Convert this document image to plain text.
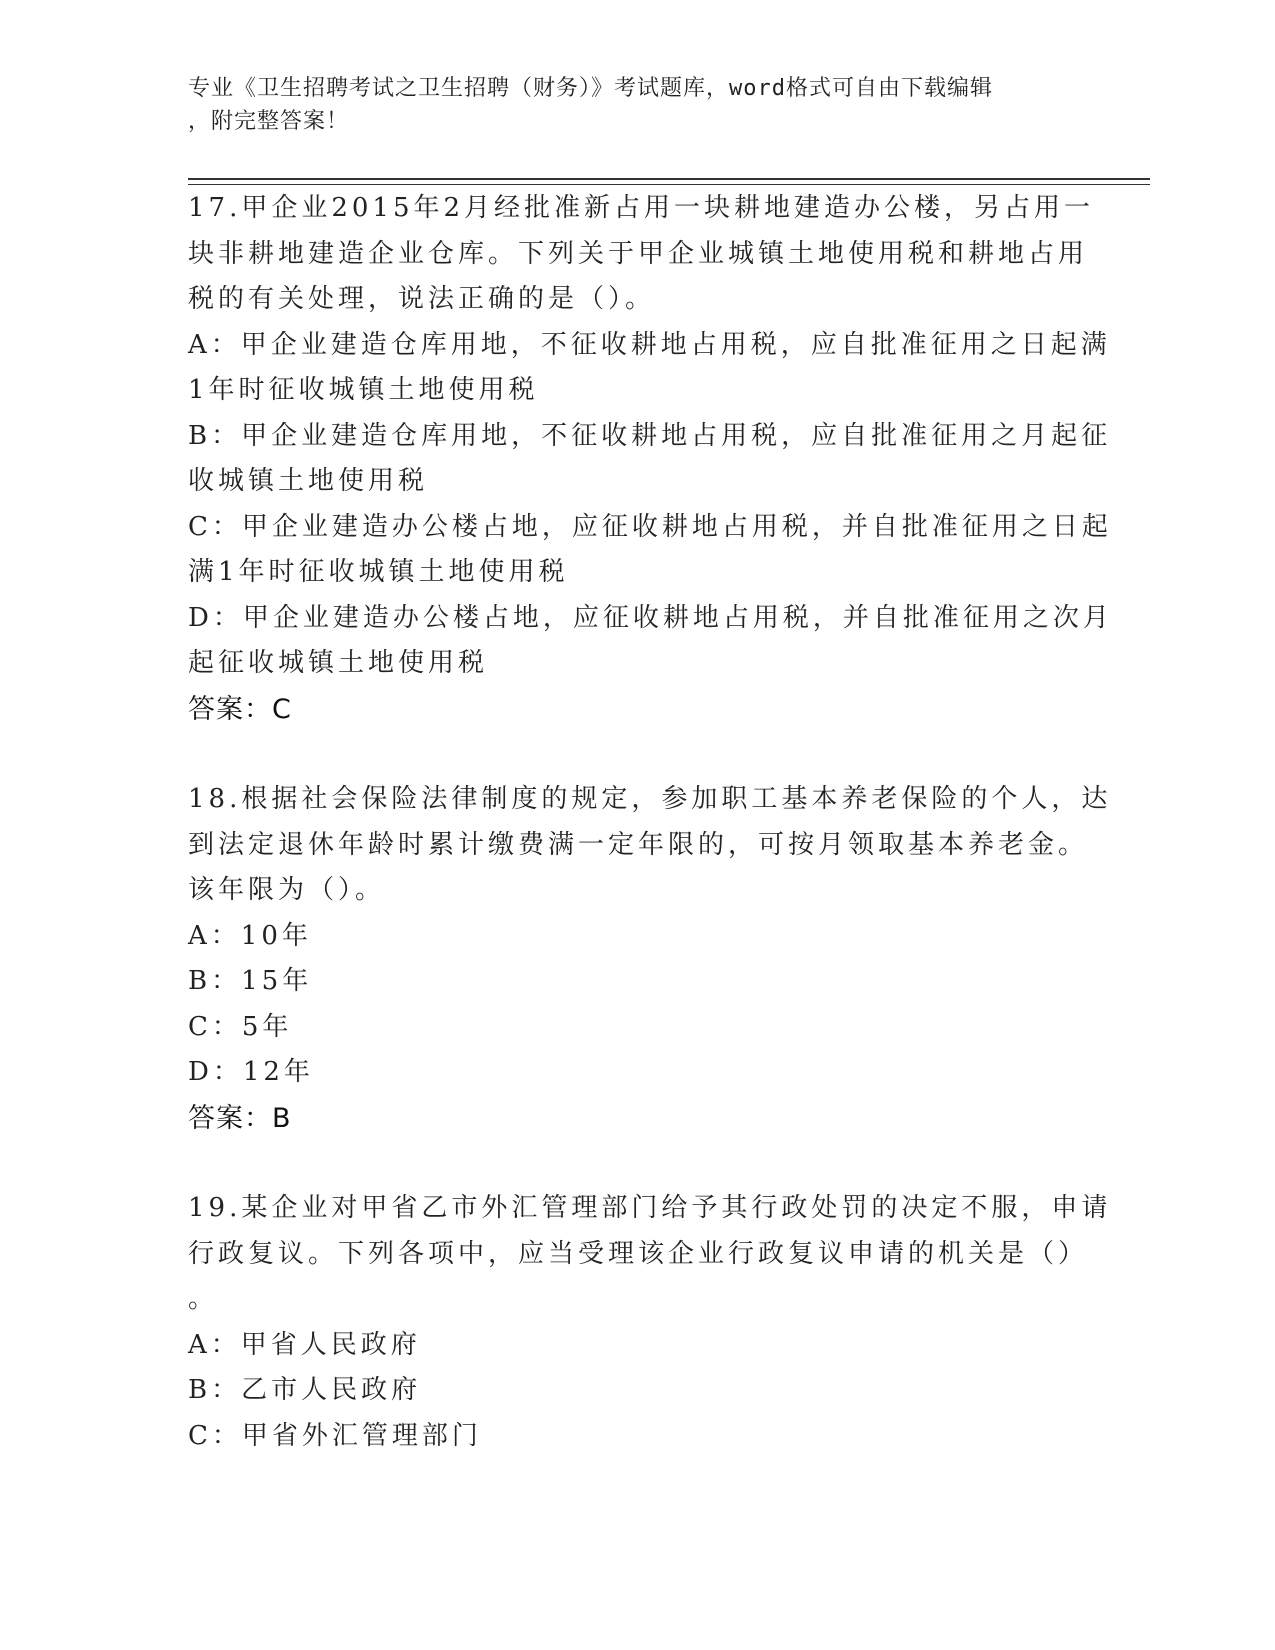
专业《卫生招聘考试之卫生招聘（财务）》考试题库，word格式可自由下载编辑

，附完整答案！

17.甲企业2015年2月经批准新占用一块耕地建造办公楼，另占用一

块非耕地建造企业仓库。下列关于甲企业城镇土地使用税和耕地占用

税的有关处理，说法正确的是（）。

A：甲企业建造仓库用地，不征收耕地占用税，应自批准征用之日起满

1年时征收城镇土地使用税

B：甲企业建造仓库用地，不征收耕地占用税，应自批准征用之月起征

收城镇土地使用税

C：甲企业建造办公楼占地，应征收耕地占用税，并自批准征用之日起

满1年时征收城镇土地使用税

D：甲企业建造办公楼占地，应征收耕地占用税，并自批准征用之次月

起征收城镇土地使用税

答案：C

18.根据社会保险法律制度的规定，参加职工基本养老保险的个人，达

到法定退休年龄时累计缴费满一定年限的，可按月领取基本养老金。

该年限为（）。

A：10年

B：15年

C：5年

D：12年

答案：B

19.某企业对甲省乙市外汇管理部门给予其行政处罚的决定不服，申请

行政复议。下列各项中，应当受理该企业行政复议申请的机关是（）

。

A：甲省人民政府

B：乙市人民政府

C：甲省外汇管理部门
